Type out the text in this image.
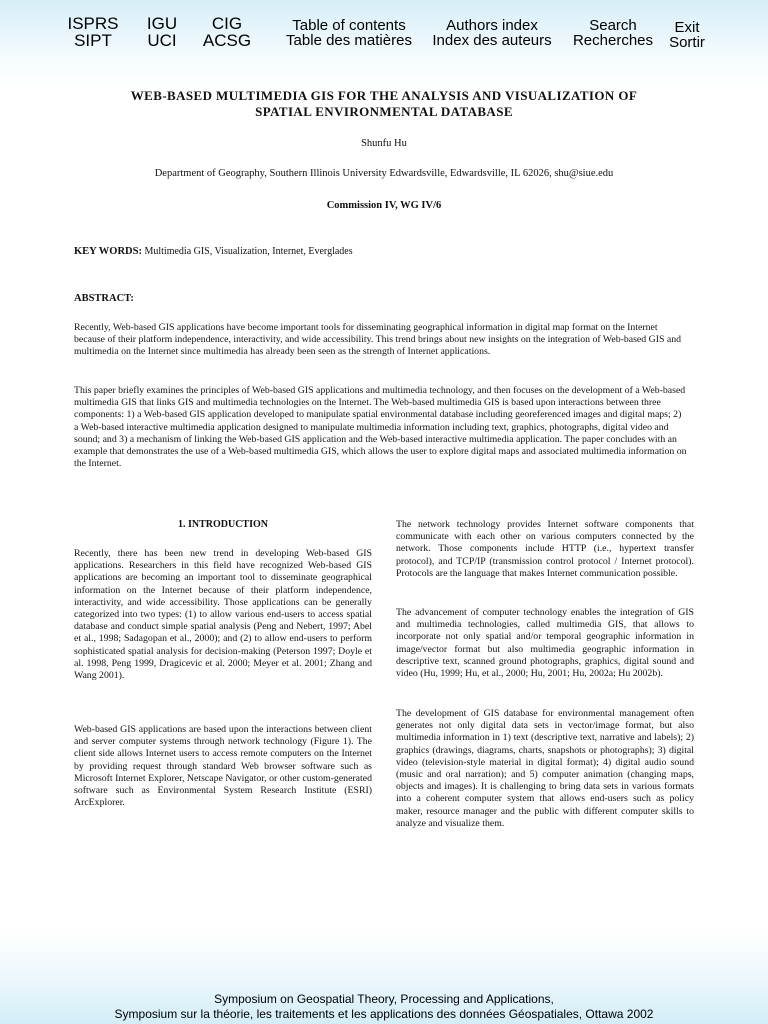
ISPRS
SIPT
IGU
UCI
CIG
ACSG
Table of contents
Table des matières
Authors index
Index des auteurs
Search
Recherches
Exit
Sortir
WEB-BASED MULTIMEDIA GIS FOR THE ANALYSIS AND VISUALIZATION OF
SPATIAL ENVIRONMENTAL DATABASE
Shunfu Hu
Department of Geography, Southern Illinois University Edwardsville, Edwardsville, IL 62026, shu@siue.edu
Commission IV, WG IV/6
KEY WORDS: Multimedia GIS, Visualization, Internet, Everglades
ABSTRACT:
Recently, Web-based GIS applications have become important tools for disseminating geographical information in digital map format on the Internet because of their platform independence, interactivity, and wide accessibility. This trend brings about new insights on the integration of Web-based GIS and multimedia on the Internet since multimedia has already been seen as the strength of Internet applications.
This paper briefly examines the principles of Web-based GIS applications and multimedia technology, and then focuses on the development of a Web-based multimedia GIS that links GIS and multimedia technologies on the Internet. The Web-based multimedia GIS is based upon interactions between three components: 1) a Web-based GIS application developed to manipulate spatial environmental database including georeferenced images and digital maps; 2) a Web-based interactive multimedia application designed to manipulate multimedia information including text, graphics, photographs, digital video and sound; and 3) a mechanism of linking the Web-based GIS application and the Web-based interactive multimedia application. The paper concludes with an example that demonstrates the use of a Web-based multimedia GIS, which allows the user to explore digital maps and associated multimedia information on the Internet.
1. INTRODUCTION
Recently, there has been new trend in developing Web-based GIS applications. Researchers in this field have recognized Web-based GIS applications are becoming an important tool to disseminate geographical information on the Internet because of their platform independence, interactivity, and wide accessibility. Those applications can be generally categorized into two types: (1) to allow various end-users to access spatial database and conduct simple spatial analysis (Peng and Nebert, 1997; Abel et al., 1998; Sadagopan et al., 2000); and (2) to allow end-users to perform sophisticated spatial analysis for decision-making (Peterson 1997; Doyle et al. 1998, Peng 1999, Dragicevic et al. 2000; Meyer et al. 2001; Zhang and Wang 2001).
Web-based GIS applications are based upon the interactions between client and server computer systems through network technology (Figure 1). The client side allows Internet users to access remote computers on the Internet by providing request through standard Web browser software such as Microsoft Internet Explorer, Netscape Navigator, or other custom-generated software such as Environmental System Research Institute (ESRI) ArcExplorer.
The network technology provides Internet software components that communicate with each other on various computers connected by the network. Those components include HTTP (i.e., hypertext transfer protocol), and TCP/IP (transmission control protocol / Internet protocol). Protocols are the language that makes Internet communication possible.
The advancement of computer technology enables the integration of GIS and multimedia technologies, called multimedia GIS, that allows to incorporate not only spatial and/or temporal geographic information in image/vector format but also multimedia geographic information in descriptive text, scanned ground photographs, graphics, digital sound and video (Hu, 1999; Hu, et al., 2000; Hu, 2001; Hu, 2002a; Hu 2002b).
The development of GIS database for environmental management often generates not only digital data sets in vector/image format, but also multimedia information in 1) text (descriptive text, narrative and labels); 2) graphics (drawings, diagrams, charts, snapshots or photographs); 3) digital video (television-style material in digital format); 4) digital audio sound (music and oral narration); and 5) computer animation (changing maps, objects and images). It is challenging to bring data sets in various formats into a coherent computer system that allows end-users such as policy maker, resource manager and the public with different computer skills to analyze and visualize them.
Symposium on Geospatial Theory, Processing and Applications,
Symposium sur la théorie, les traitements et les applications des données Géospatiales, Ottawa 2002
